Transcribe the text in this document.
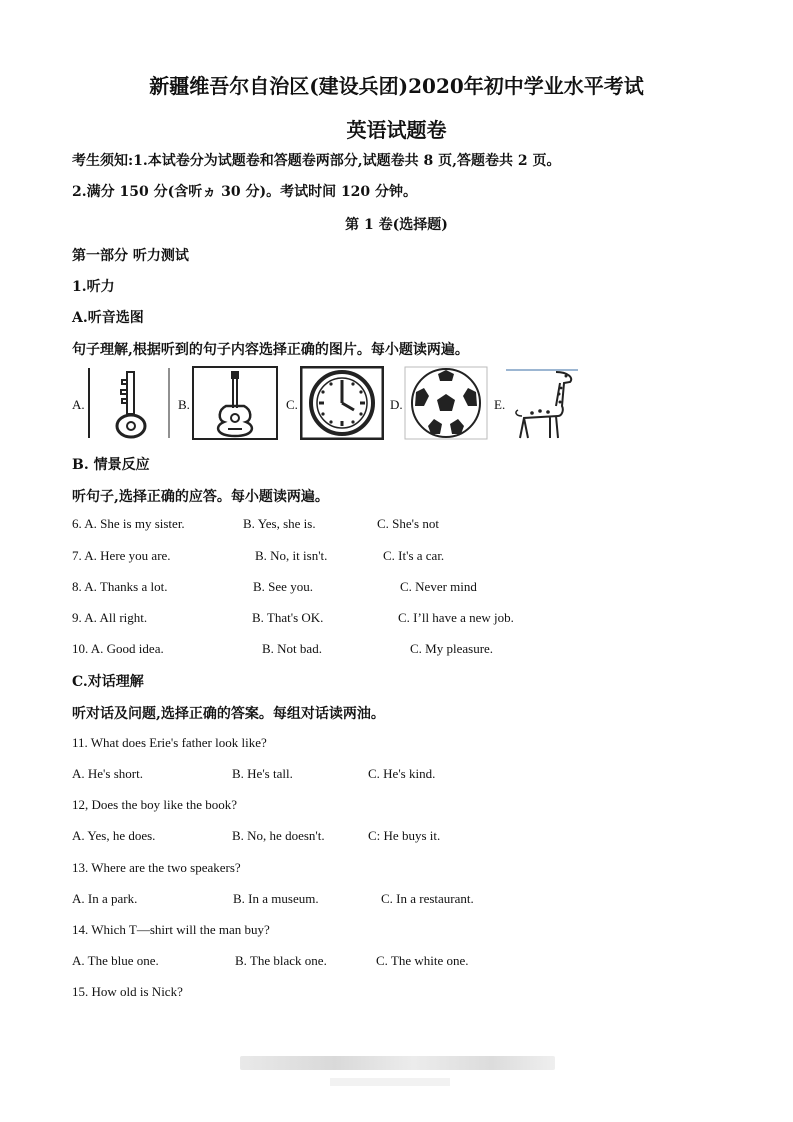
新疆维吾尔自治区(建设兵团)2020年初中学业水平考试
英语试题卷
考生须知:1.本试卷分为试题卷和答题卷两部分,试题卷共 8 页,答题卷共 2 页。
2.满分 150 分(含听ヵ 30 分)。考试时间 120 分钟。
第 1 卷(选择题)
第一部分 听力测试
1.听力
A.听音选图
句子理解,根据听到的句子内容选择正确的图片。每小题读两遍。
A.	B.	C.	D.	E.
B. 情景反应
听句子,选择正确的应答。每小题读两遍。
6. A. She is my sister.	B. Yes, she is.	C. She's not
7. A. Here you are.	B. No, it isn't.	C. It's a car.
8. A. Thanks a lot.	B. See you.	C. Never mind
9. A. All right.	B. That's OK.	C. I’ll have a new job.
10. A. Good idea.	B. Not bad.	C. My pleasure.
C.对话理解
听对话及问题,选择正确的答案。每组对话读两油。
11. What does Erie's father look like?
A. He's short.	B. He's tall.	C. He's kind.
12, Does the boy like the book?
A. Yes, he does.	B. No, he doesn't.	C: He buys it.
13. Where are the two speakers?
A. In a park.	B. In a museum.	C. In a restaurant.
14. Which T—shirt will the man buy?
A. The blue one.	B. The black one.	C. The white one.
15. How old is Nick?
